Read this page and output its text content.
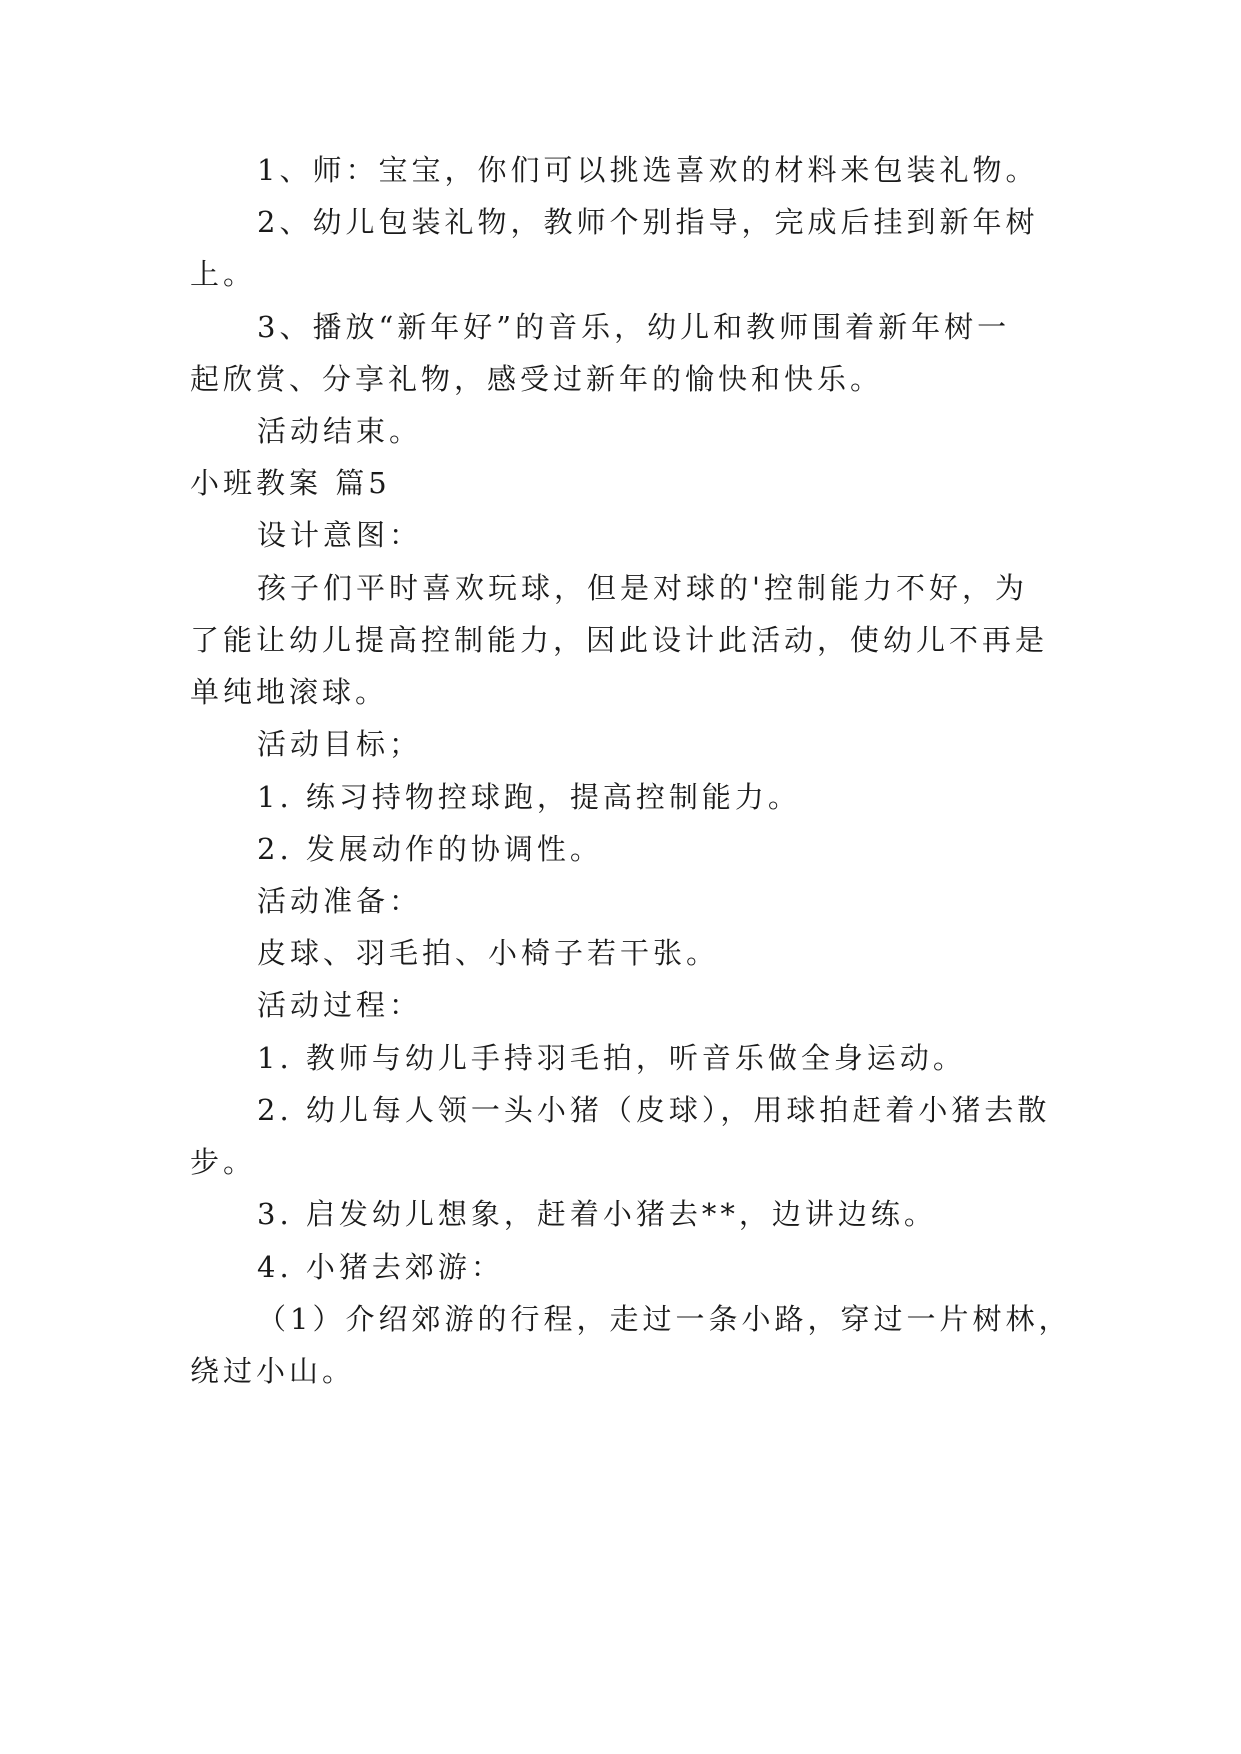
1、师：宝宝，你们可以挑选喜欢的材料来包装礼物。
2、幼儿包装礼物，教师个别指导，完成后挂到新年树
上。
3、播放“新年好”的音乐，幼儿和教师围着新年树一
起欣赏、分享礼物，感受过新年的愉快和快乐。
活动结束。
小班教案 篇5
设计意图：
孩子们平时喜欢玩球，但是对球的'控制能力不好，为
了能让幼儿提高控制能力，因此设计此活动，使幼儿不再是
单纯地滚球。
活动目标；
1. 练习持物控球跑，提高控制能力。
2. 发展动作的协调性。
活动准备：
皮球、羽毛拍、小椅子若干张。
活动过程：
1. 教师与幼儿手持羽毛拍，听音乐做全身运动。
2. 幼儿每人领一头小猪（皮球），用球拍赶着小猪去散
步。
3. 启发幼儿想象，赶着小猪去**，边讲边练。
4. 小猪去郊游：
（1）介绍郊游的行程，走过一条小路，穿过一片树林，
绕过小山。
